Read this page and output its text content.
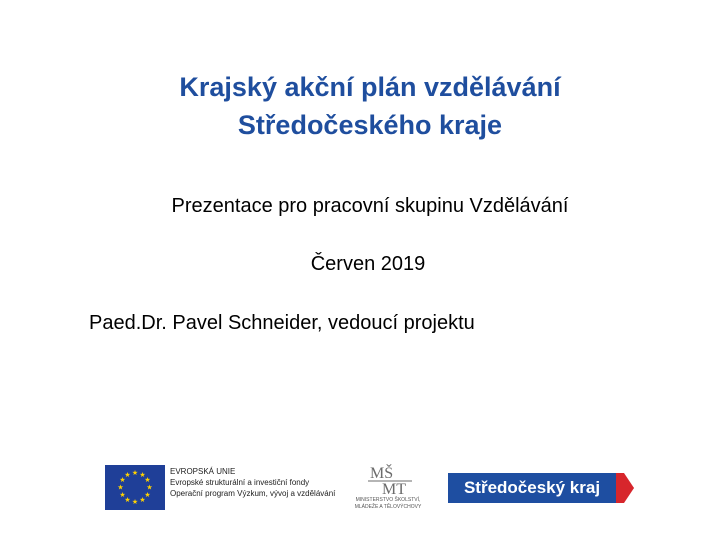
Krajský akční plán vzdělávání
Středočeského kraje
Prezentace pro pracovní skupinu Vzdělávání
Červen 2019
Paed.Dr. Pavel Schneider, vedoucí projektu
★ ★
★
★
★
★
★
★
★
★
★
★	EVROPSKÁ UNIE
Evropské strukturální a investiční fondy
Operační program Výzkum, vývoj a vzdělávání
MŠ
MT
MINISTERSTVO ŠKOLSTVÍ,
MLÁDEŽE A TĚLOVÝCHOVY
Středočeský kraj
